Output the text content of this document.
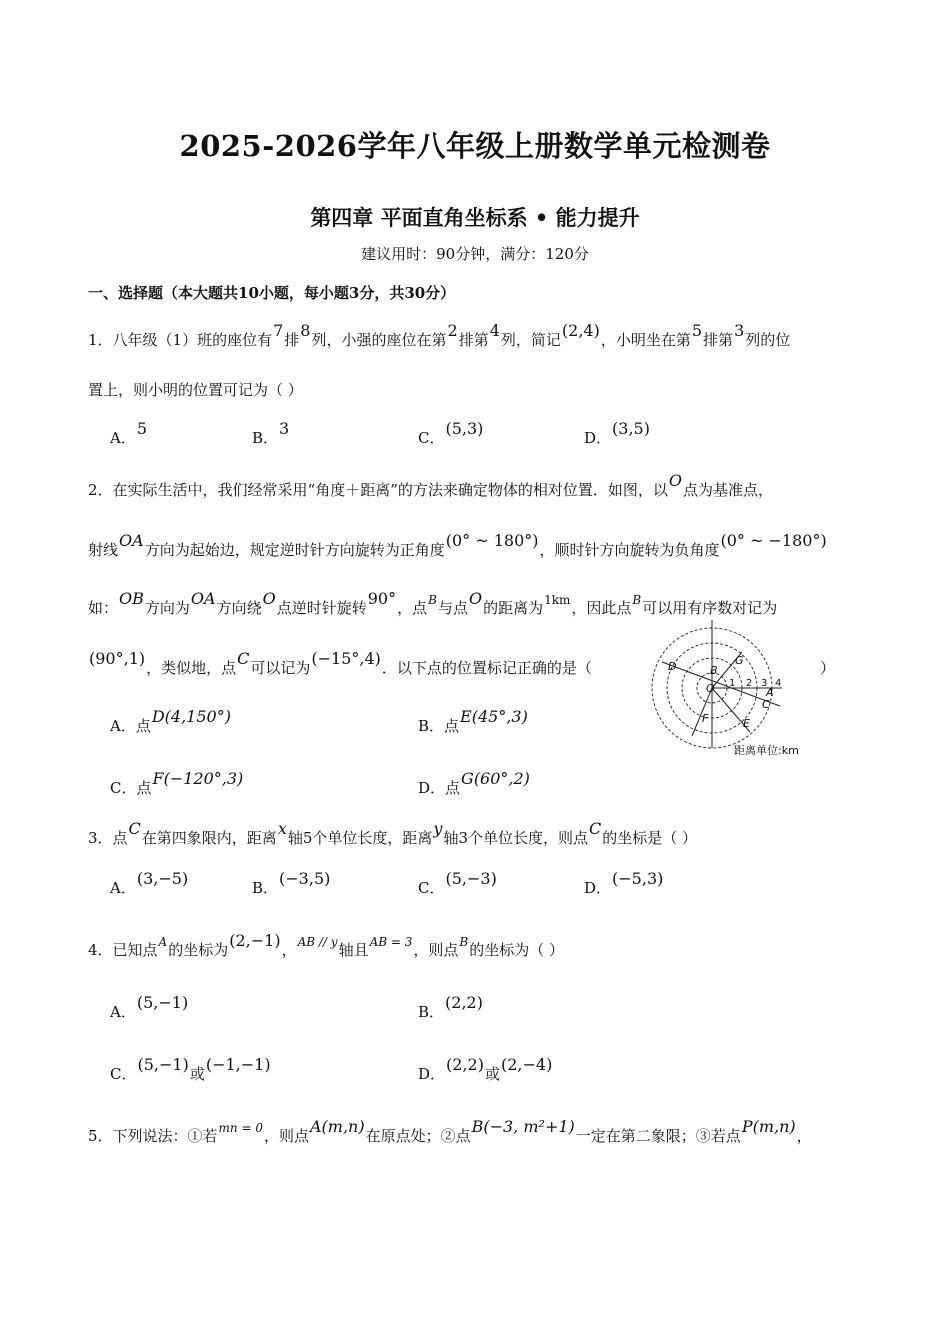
2025-2026学年八年级上册数学单元检测卷
第四章 平面直角坐标系 • 能力提升
建议用时：90分钟，满分：120分
一、选择题（本大题共10小题，每小题3分，共30分）
1．八年级（1）班的座位有7排8列，小强的座位在第2排第4列，简记(2,4)，小明坐在第5排第3列的位
置上，则小明的位置可记为（ ）
A．5	B．3	C．(5,3)	D．(3,5)
2．在实际生活中，我们经常采用“角度＋距离”的方法来确定物体的相对位置．如图，以O点为基准点，
射线OA方向为起始边，规定逆时针方向旋转为正角度(0° ~ 180°)，顺时针方向旋转为负角度(0° ~ −180°)
如：OB方向为OA方向绕O点逆时针旋转90°，点$^B$与点O的距离为$^{1km}$，因此点$^B$可以用有序数对记为
(90°,1)，类似地，点C可以记为(−15°,4)．以下点的位置标记正确的是（	）
A．点D(4,150°)	B．点E(45°,3)
C．点F(−120°,3)	D．点G(60°,2)
D	B
G
O	A
C
F	E
1 2 3 4
距离单位:km
3．点C在第四象限内，距离x轴5个单位长度，距离y轴3个单位长度，则点C的坐标是（ ）
A．(3,−5)	B．(−3,5)	C．(5,−3)	D．(−5,3)
4．已知点$^A$的坐标为(2,−1)，$^{AB // y}$轴且$^{AB = 3}$，则点$^B$的坐标为（ ）
A．(5,−1)	B．(2,2)
C．(5,−1)或(−1,−1)	D．(2,2)或(2,−4)
5．下列说法：①若$^{mn = 0}$，则点A(m,n)在原点处；②点B(−3, m²+1)一定在第二象限；③若点P(m,n)，
